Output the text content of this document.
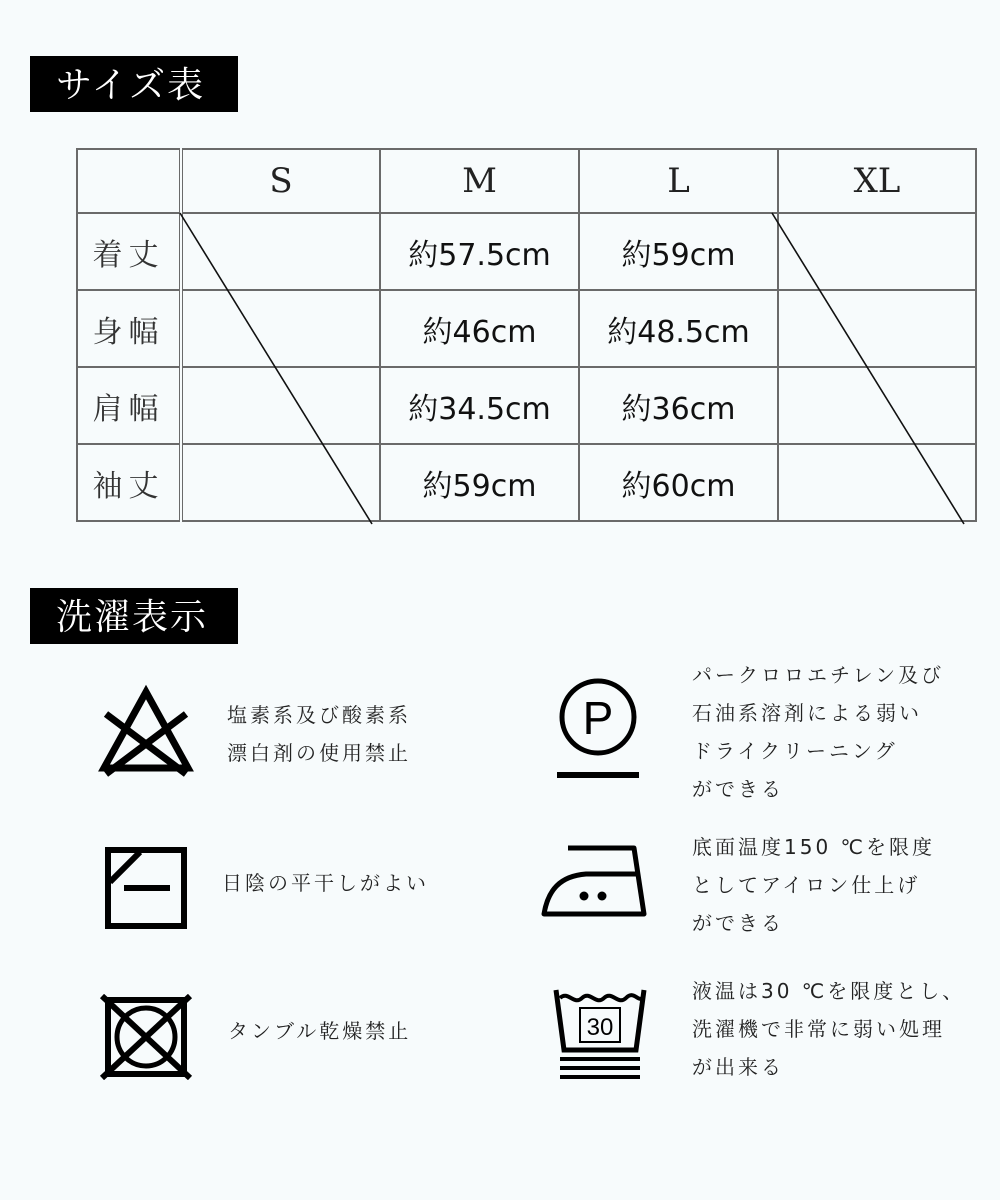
サイズ表
	S	M	L	XL
着丈		約57.5cm	約59cm	
身幅		約46cm	約48.5cm	
肩幅		約34.5cm	約36cm	
袖丈		約59cm	約60cm	
洗濯表示
塩素系及び酸素系
漂白剤の使用禁止
P
パークロロエチレン及び
石油系溶剤による弱い
ドライクリーニング
ができる
日陰の平干しがよい
底面温度150 ℃を限度
としてアイロン仕上げ
ができる
タンブル乾燥禁止	30
液温は30 ℃を限度とし、
洗濯機で非常に弱い処理
が出来る
